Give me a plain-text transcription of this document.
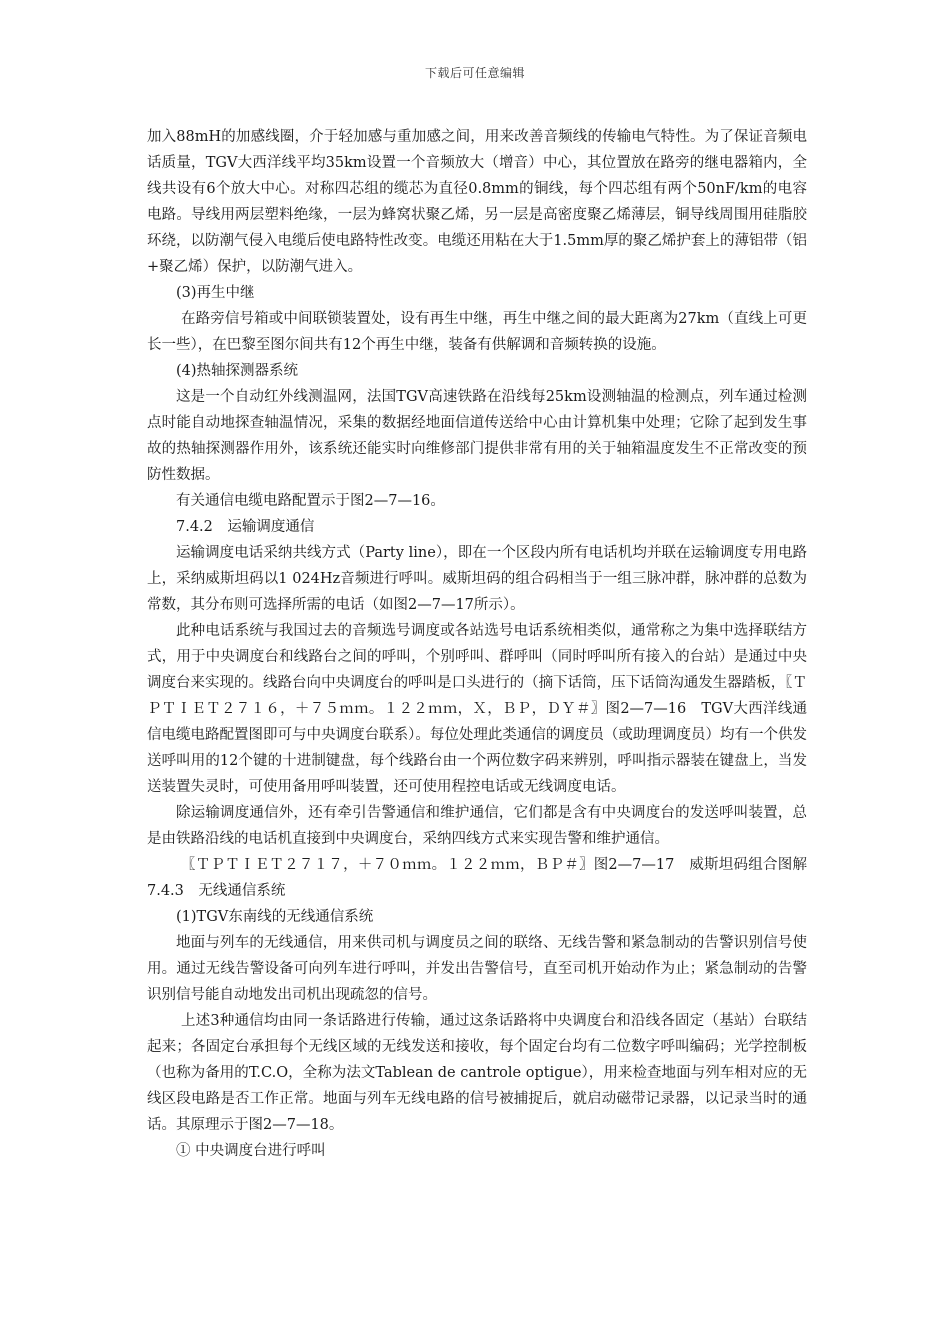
下载后可任意编辑

加入88mH的加感线圈，介于轻加感与重加感之间，用来改善音频线的传输电气特性。为了保证音频电话质量，TGV大西洋线平均35km设置一个音频放大（增音）中心，其位置放在路旁的继电器箱内，全线共设有6个放大中心。对称四芯组的缆芯为直径0.8mm的铜线，每个四芯组有两个50nF/km的电容电路。导线用两层塑料绝缘，一层为蜂窝状聚乙烯，另一层是高密度聚乙烯薄层，铜导线周围用硅脂胶环绕，以防潮气侵入电缆后使电路特性改变。电缆还用粘在大于1.5mm厚的聚乙烯护套上的薄铝带（铝+聚乙烯）保护，以防潮气进入。

(3)再生中继

在路旁信号箱或中间联锁装置处，设有再生中继，再生中继之间的最大距离为27km（直线上可更长一些），在巴黎至图尔间共有12个再生中继，装备有供解调和音频转换的设施。

(4)热轴探测器系统

这是一个自动红外线测温网，法国TGV高速铁路在沿线每25km设测轴温的检测点，列车通过检测点时能自动地探查轴温情况，采集的数据经地面信道传送给中心由计算机集中处理；它除了起到发生事故的热轴探测器作用外，该系统还能实时向维修部门提供非常有用的关于轴箱温度发生不正常改变的预防性数据。

有关通信电缆电路配置示于图2—7—16。

7.4.2　运输调度通信

运输调度电话采纳共线方式（Party line），即在一个区段内所有电话机均并联在运输调度专用电路上，采纳威斯坦码以1 024Hz音频进行呼叫。威斯坦码的组合码相当于一组三脉冲群，脉冲群的总数为常数，其分布则可选择所需的电话（如图2—7—17所示）。

此种电话系统与我国过去的音频选号调度或各站选号电话系统相类似，通常称之为集中选择联结方式，用于中央调度台和线路台之间的呼叫，个别呼叫、群呼叫（同时呼叫所有接入的台站）是通过中央调度台来实现的。线路台向中央调度台的呼叫是口头进行的（摘下话筒，压下话筒沟通发生器踏板，〖ＴＰＴＩＥＴ２７１６，＋７５ｍｍ。１２２ｍｍ，Ｘ，ＢＰ，ＤＹ＃〗图2—7—16　TGV大西洋线通信电缆电路配置图即可与中央调度台联系）。每位处理此类通信的调度员（或助理调度员）均有一个供发送呼叫用的12个键的十进制键盘，每个线路台由一个两位数字码来辨别，呼叫指示器装在键盘上，当发送装置失灵时，可使用备用呼叫装置，还可使用程控电话或无线调度电话。

除运输调度通信外，还有牵引告警通信和维护通信，它们都是含有中央调度台的发送呼叫装置，总是由铁路沿线的电话机直接到中央调度台，采纳四线方式来实现告警和维护通信。

〖ＴＰＴＩＥＴ２７１７，＋７０ｍｍ。１２２ｍｍ，ＢＰ＃〗图2—7—17　威斯坦码组合图解　7.4.3　无线通信系统

(1)TGV东南线的无线通信系统

地面与列车的无线通信，用来供司机与调度员之间的联络、无线告警和紧急制动的告警识别信号使用。通过无线告警设备可向列车进行呼叫，并发出告警信号，直至司机开始动作为止；紧急制动的告警识别信号能自动地发出司机出现疏忽的信号。

上述3种通信均由同一条话路进行传输，通过这条话路将中央调度台和沿线各固定（基站）台联结起来；各固定台承担每个无线区域的无线发送和接收，每个固定台均有二位数字呼叫编码；光学控制板（也称为备用的T.C.O，全称为法文Tablean de cantrole optigue），用来检查地面与列车相对应的无线区段电路是否工作正常。地面与列车无线电路的信号被捕捉后，就启动磁带记录器，以记录当时的通话。其原理示于图2—7—18。

① 中央调度台进行呼叫
